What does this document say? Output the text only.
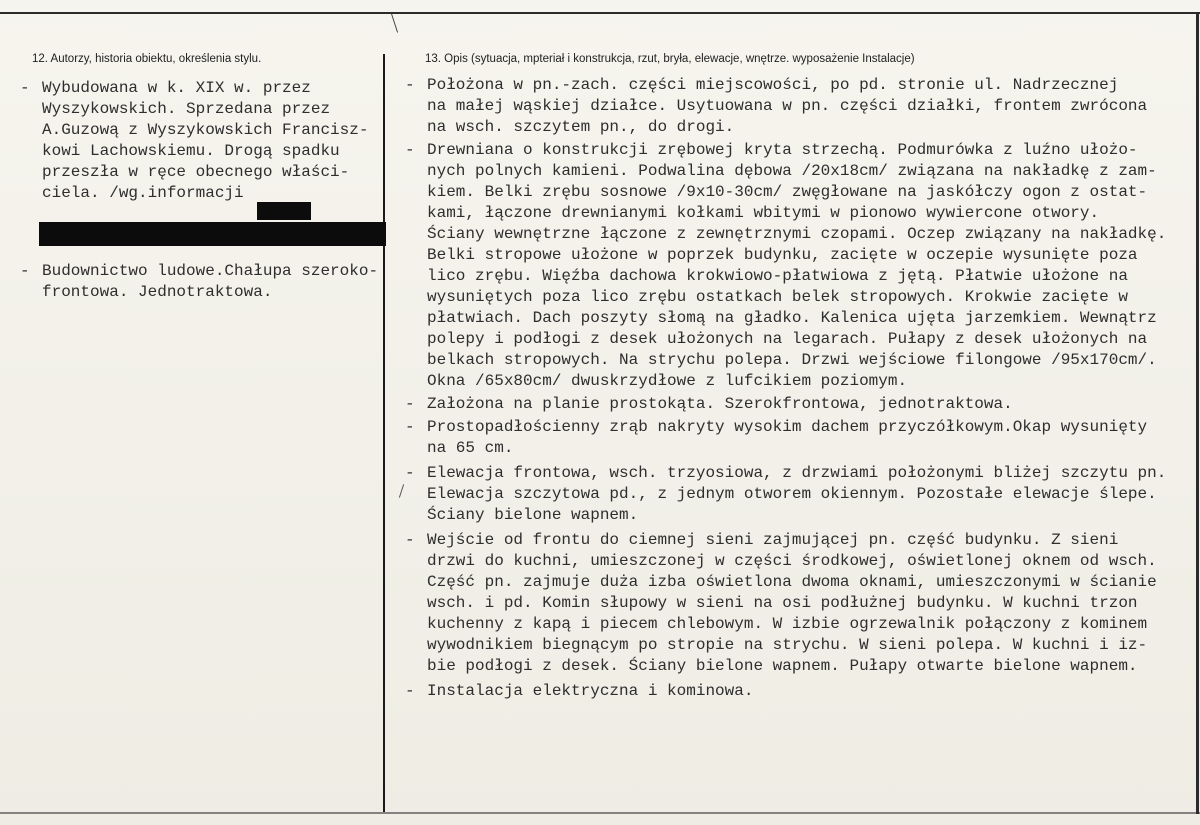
12. Autorzy, historia obiektu, określenia stylu.	13. Opis (sytuacja, mpteriał i konstrukcja, rzut, bryła, elewacje, wnętrze. wyposażenie Instalacje)
- Wybudowana w k. XIX w. przez
Wyszykowskich. Sprzedana przez
A.Guzową z Wyszykowskich Francisz-
kowi Lachowskiemu. Drogą spadku
przeszła w ręce obecnego właści-
ciela. /wg.informacji
- Budownictwo ludowe.Chałupa szeroko-
frontowa. Jednotraktowa.
- Położona w pn.-zach. części miejscowości, po pd. stronie ul. Nadrzecznej
na małej wąskiej działce. Usytuowana w pn. części działki, frontem zwrócona
na wsch. szczytem pn., do drogi.
- Drewniana o konstrukcji zrębowej kryta strzechą. Podmurówka z luźno ułożo-
nych polnych kamieni. Podwalina dębowa /20x18cm/ związana na nakładkę z zam-
kiem. Belki zrębu sosnowe /9x10-30cm/ zwęgłowane na jaskółczy ogon z ostat-
kami, łączone drewnianymi kołkami wbitymi w pionowo wywiercone otwory.
Ściany wewnętrzne łączone z zewnętrznymi czopami. Oczep związany na nakładkę.
Belki stropowe ułożone w poprzek budynku, zacięte w oczepie wysunięte poza
lico zrębu. Więźba dachowa krokwiowo-płatwiowa z jętą. Płatwie ułożone na
wysuniętych poza lico zrębu ostatkach belek stropowych. Krokwie zacięte w
płatwiach. Dach poszyty słomą na gładko. Kalenica ujęta jarzemkiem. Wewnątrz
polepy i podłogi z desek ułożonych na legarach. Pułapy z desek ułożonych na
belkach stropowych. Na strychu polepa. Drzwi wejściowe filongowe /95x170cm/.
Okna /65x80cm/ dwuskrzydłowe z lufcikiem poziomym.
- Założona na planie prostokąta. Szerokfrontowa, jednotraktowa.
- Prostopadłościenny zrąb nakryty wysokim dachem przyczółkowym.Okap wysunięty
na 65 cm.
- Elewacja frontowa, wsch. trzyosiowa, z drzwiami położonymi bliżej szczytu pn.
Elewacja szczytowa pd., z jednym otworem okiennym. Pozostałe elewacje ślepe.
Ściany bielone wapnem.
- Wejście od frontu do ciemnej sieni zajmującej pn. część budynku. Z sieni
drzwi do kuchni, umieszczonej w części środkowej, oświetlonej oknem od wsch.
Część pn. zajmuje duża izba oświetlona dwoma oknami, umieszczonymi w ścianie
wsch. i pd. Komin słupowy w sieni na osi podłużnej budynku. W kuchni trzon
kuchenny z kapą i piecem chlebowym. W izbie ogrzewalnik połączony z kominem
wywodnikiem biegnącym po stropie na strychu. W sieni polepa. W kuchni i iz-
bie podłogi z desek. Ściany bielone wapnem. Pułapy otwarte bielone wapnem.
- Instalacja elektryczna i kominowa.
